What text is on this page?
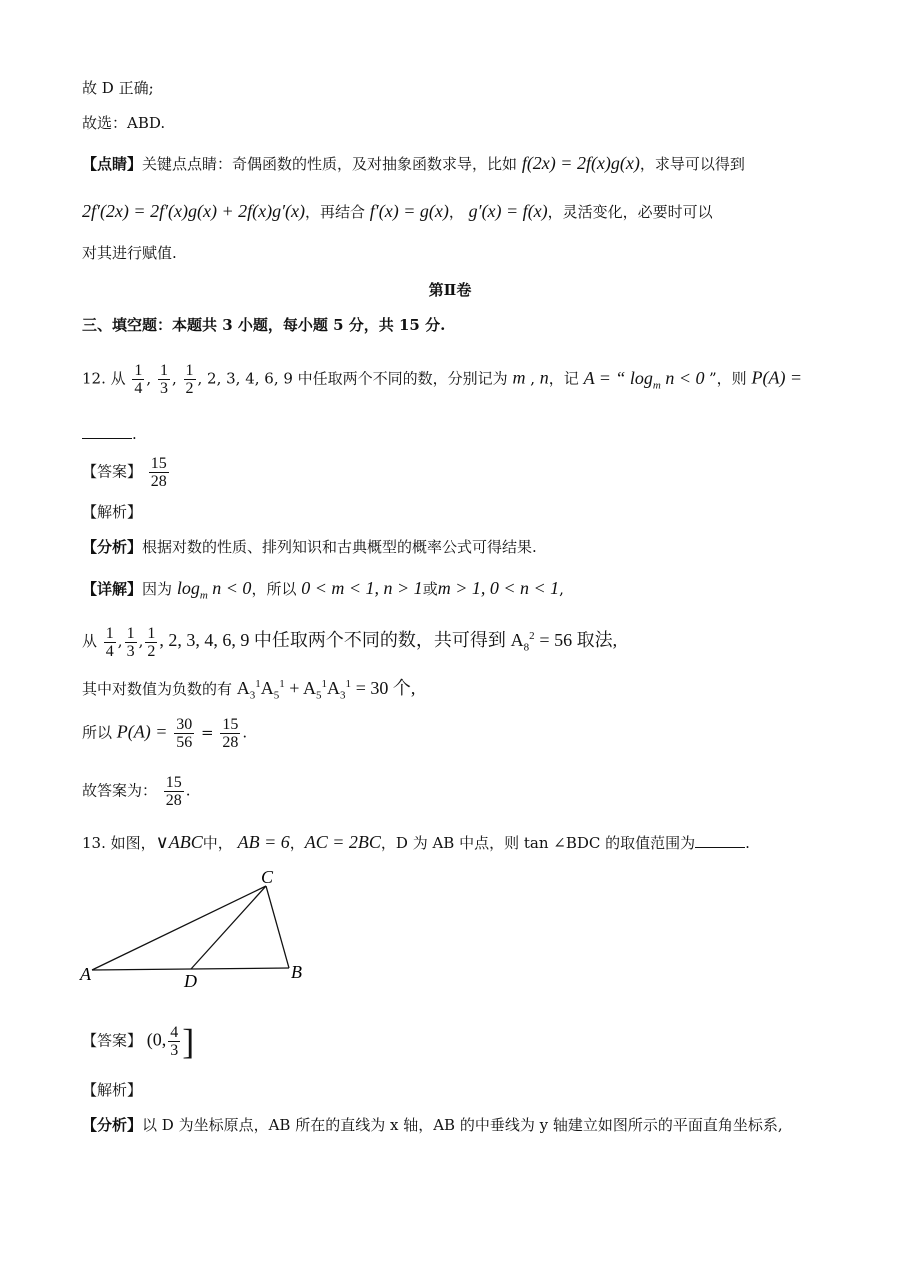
故 D 正确;
故选：ABD.
【点睛】关键点点睛：奇偶函数的性质，及对抽象函数求导，比如 f(2x) = 2f(x)g(x)，求导可以得到
2f′(2x) = 2f′(x)g(x) + 2f(x)g′(x)，再结合 f′(x) = g(x)， g′(x) = f(x)，灵活变化，必要时可以
对其进行赋值.
第Ⅱ卷
三、填空题：本题共 3 小题，每小题 5 分，共 15 分.
12. 从 $\frac{1}{4}$ , $\frac{1}{3}$ , $\frac{1}{2}$ , 2, 3, 4, 6, 9 中任取两个不同的数，分别记为 m , n，记 A = “ $\log_m n < 0$ ”，则 P(A) =
.
【答案】 $\frac{15}{28}$
【解析】
【分析】根据对数的性质、排列知识和古典概型的概率公式可得结果.
【详解】因为 $\log_m n < 0$，所以 0 < m < 1, n > 1或m > 1, 0 < n < 1,
从 $\frac{1}{4}$ , $\frac{1}{3}$ , $\frac{1}{2}$ , 2, 3, 4, 6, 9 中任取两个不同的数，共可得到 $A_8^2 = 56$ 取法,
其中对数值为负数的有 $A_3^1A_5^1 + A_5^1A_3^1 = 30$ 个,
所以 $P(A) = \frac{30}{56} = \frac{15}{28}$ .
故答案为： $\frac{15}{28}$ .
13. 如图，∨ABC中， AB = 6，AC = 2BC，D 为 AB 中点，则 tan ∠BDC 的取值范围为	.
A	B
C
D
【答案】 (0, $\frac{4}{3}$ ]
【解析】
【分析】以 D 为坐标原点，AB 所在的直线为 x 轴，AB 的中垂线为 y 轴建立如图所示的平面直角坐标系,
